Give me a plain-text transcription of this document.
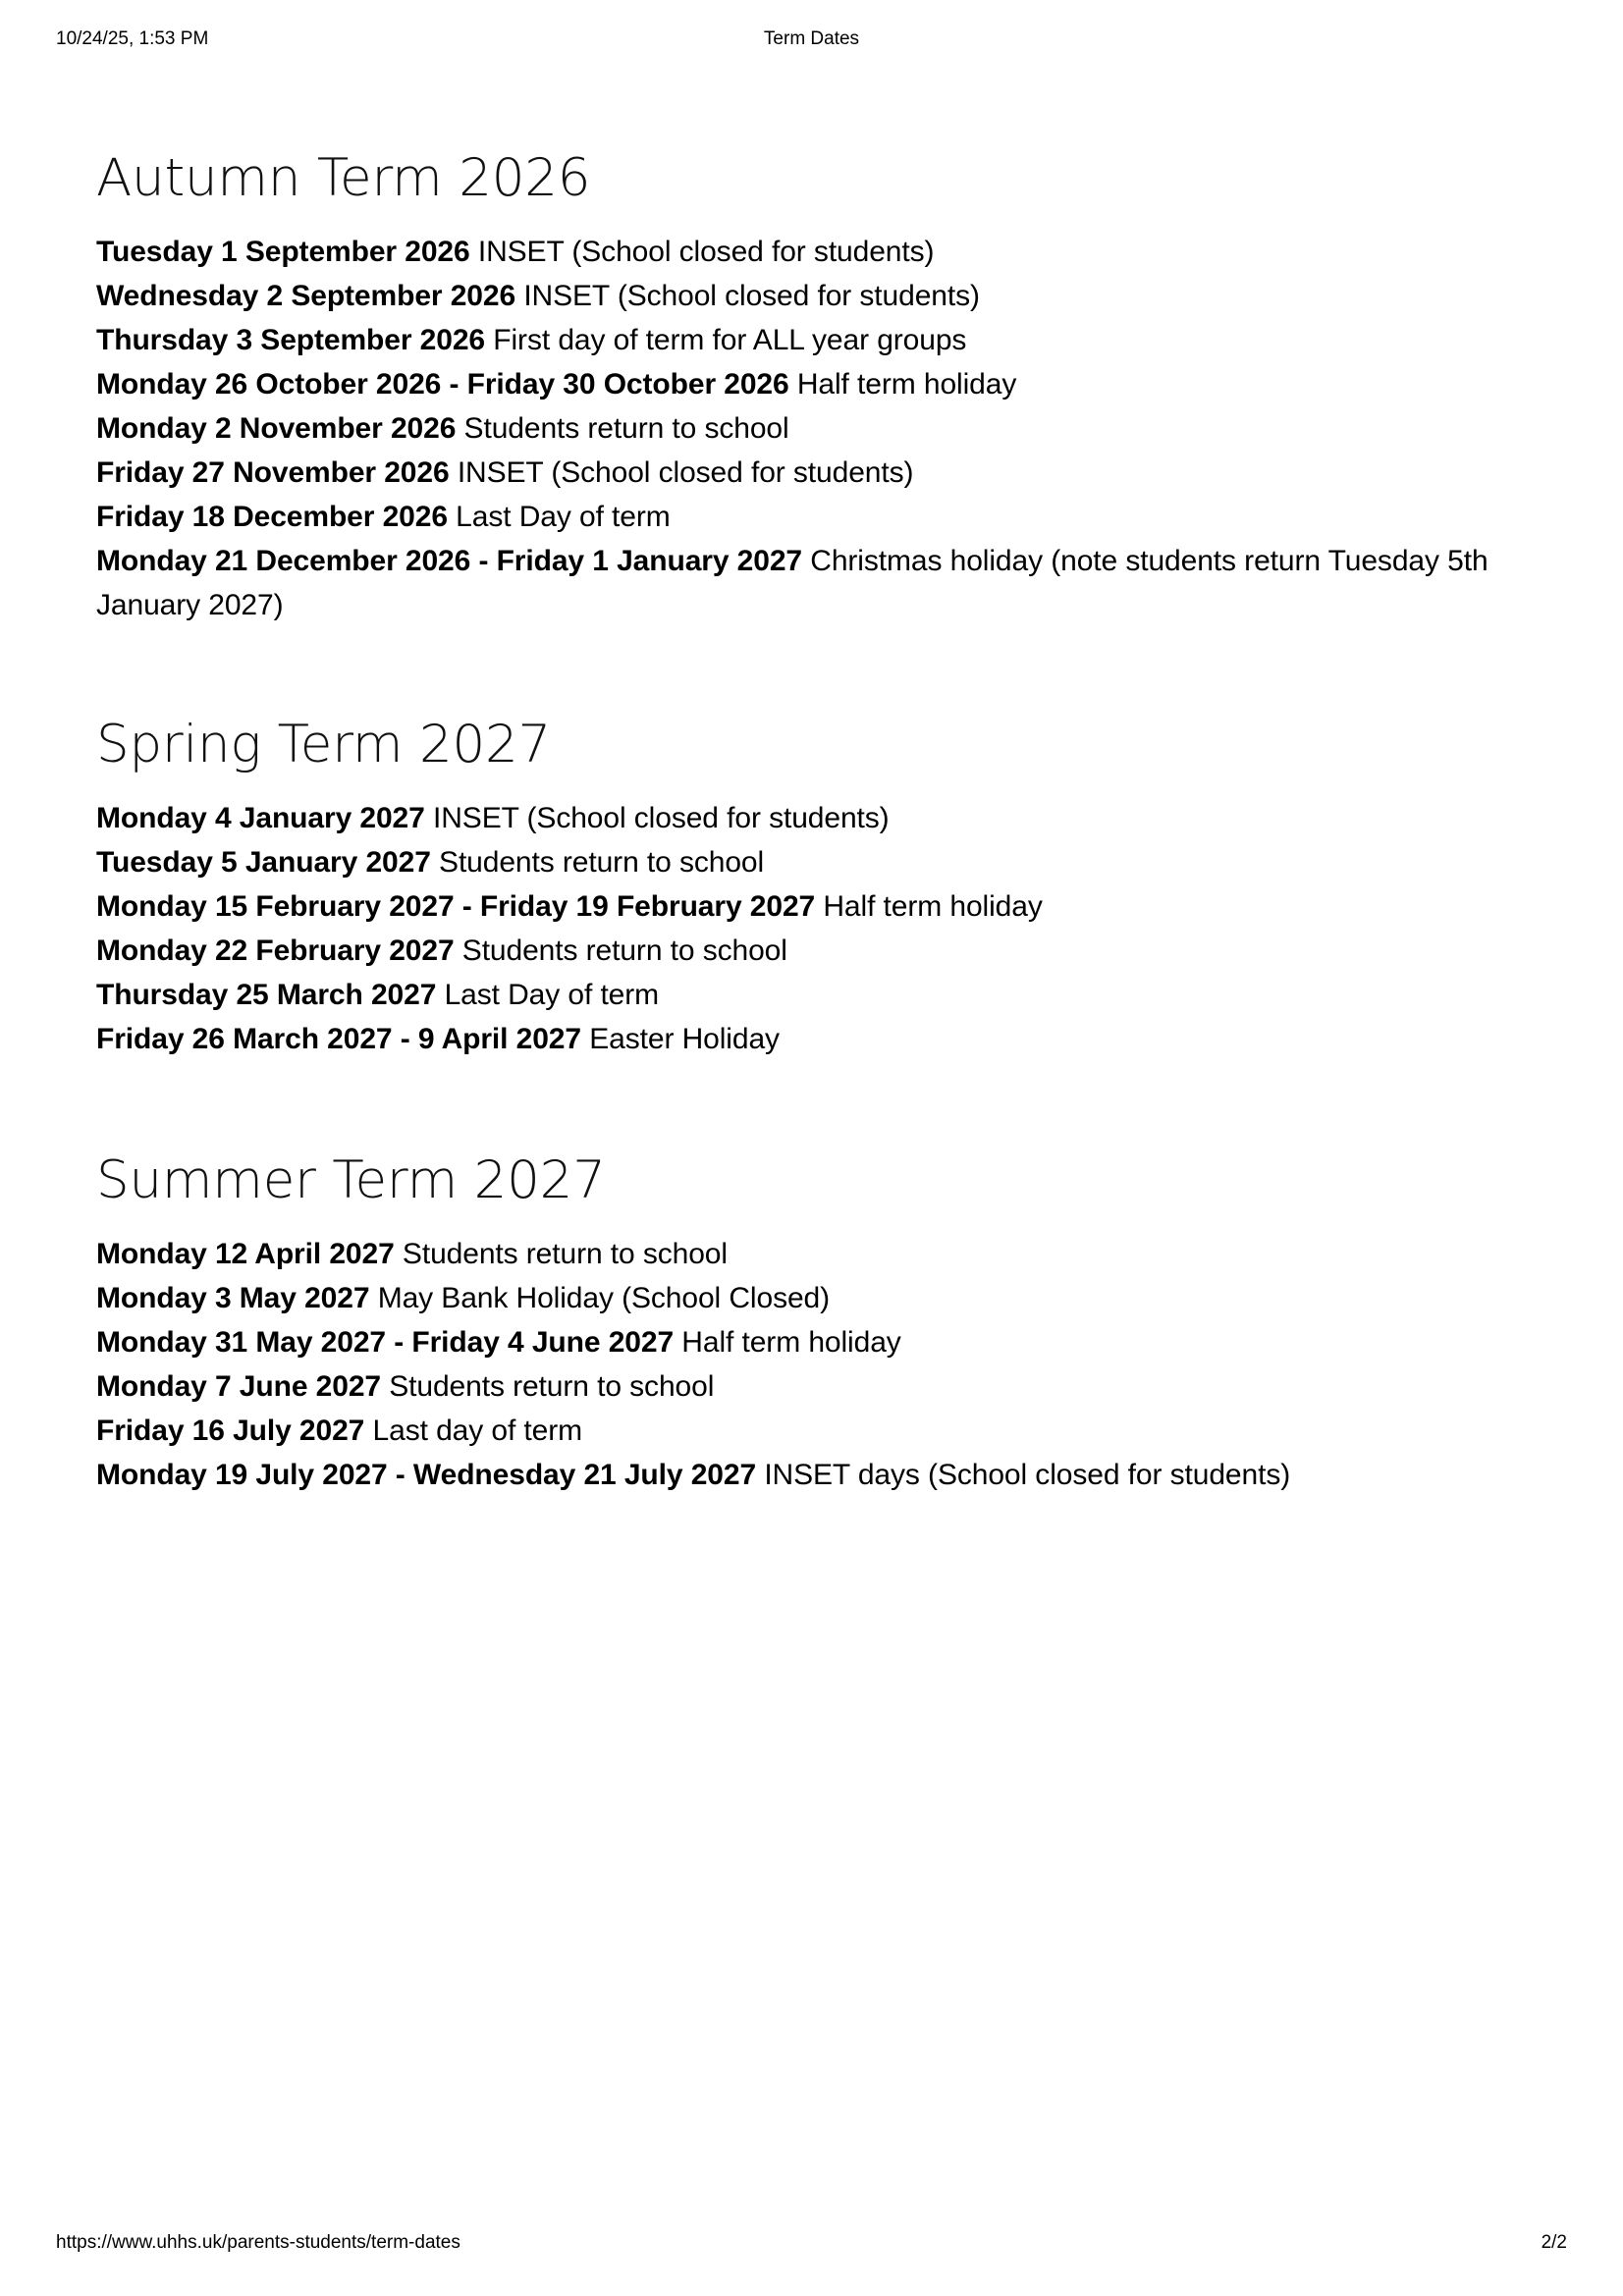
10/24/25, 1:53 PM	Term Dates
Autumn Term 2026
Tuesday 1 September 2026 INSET (School closed for students)
Wednesday 2 September 2026 INSET (School closed for students)
Thursday 3 September 2026 First day of term for ALL year groups
Monday 26 October 2026 - Friday 30 October 2026 Half term holiday
Monday 2 November 2026 Students return to school
Friday 27 November 2026 INSET (School closed for students)
Friday 18 December 2026 Last Day of term
Monday 21 December 2026 - Friday 1 January 2027 Christmas holiday (note students return Tuesday 5th January 2027)
Spring Term 2027
Monday 4 January 2027 INSET (School closed for students)
Tuesday 5 January 2027 Students return to school
Monday 15 February 2027 - Friday 19 February 2027 Half term holiday
Monday 22 February 2027 Students return to school
Thursday 25 March 2027 Last Day of term
Friday 26 March 2027 - 9 April 2027 Easter Holiday
Summer Term 2027
Monday 12 April 2027 Students return to school
Monday 3 May 2027 May Bank Holiday (School Closed)
Monday 31 May 2027 - Friday 4 June 2027 Half term holiday
Monday 7 June 2027 Students return to school
Friday 16 July 2027 Last day of term
Monday 19 July 2027 - Wednesday 21 July 2027 INSET days (School closed for students)
https://www.uhhs.uk/parents-students/term-dates	2/2
